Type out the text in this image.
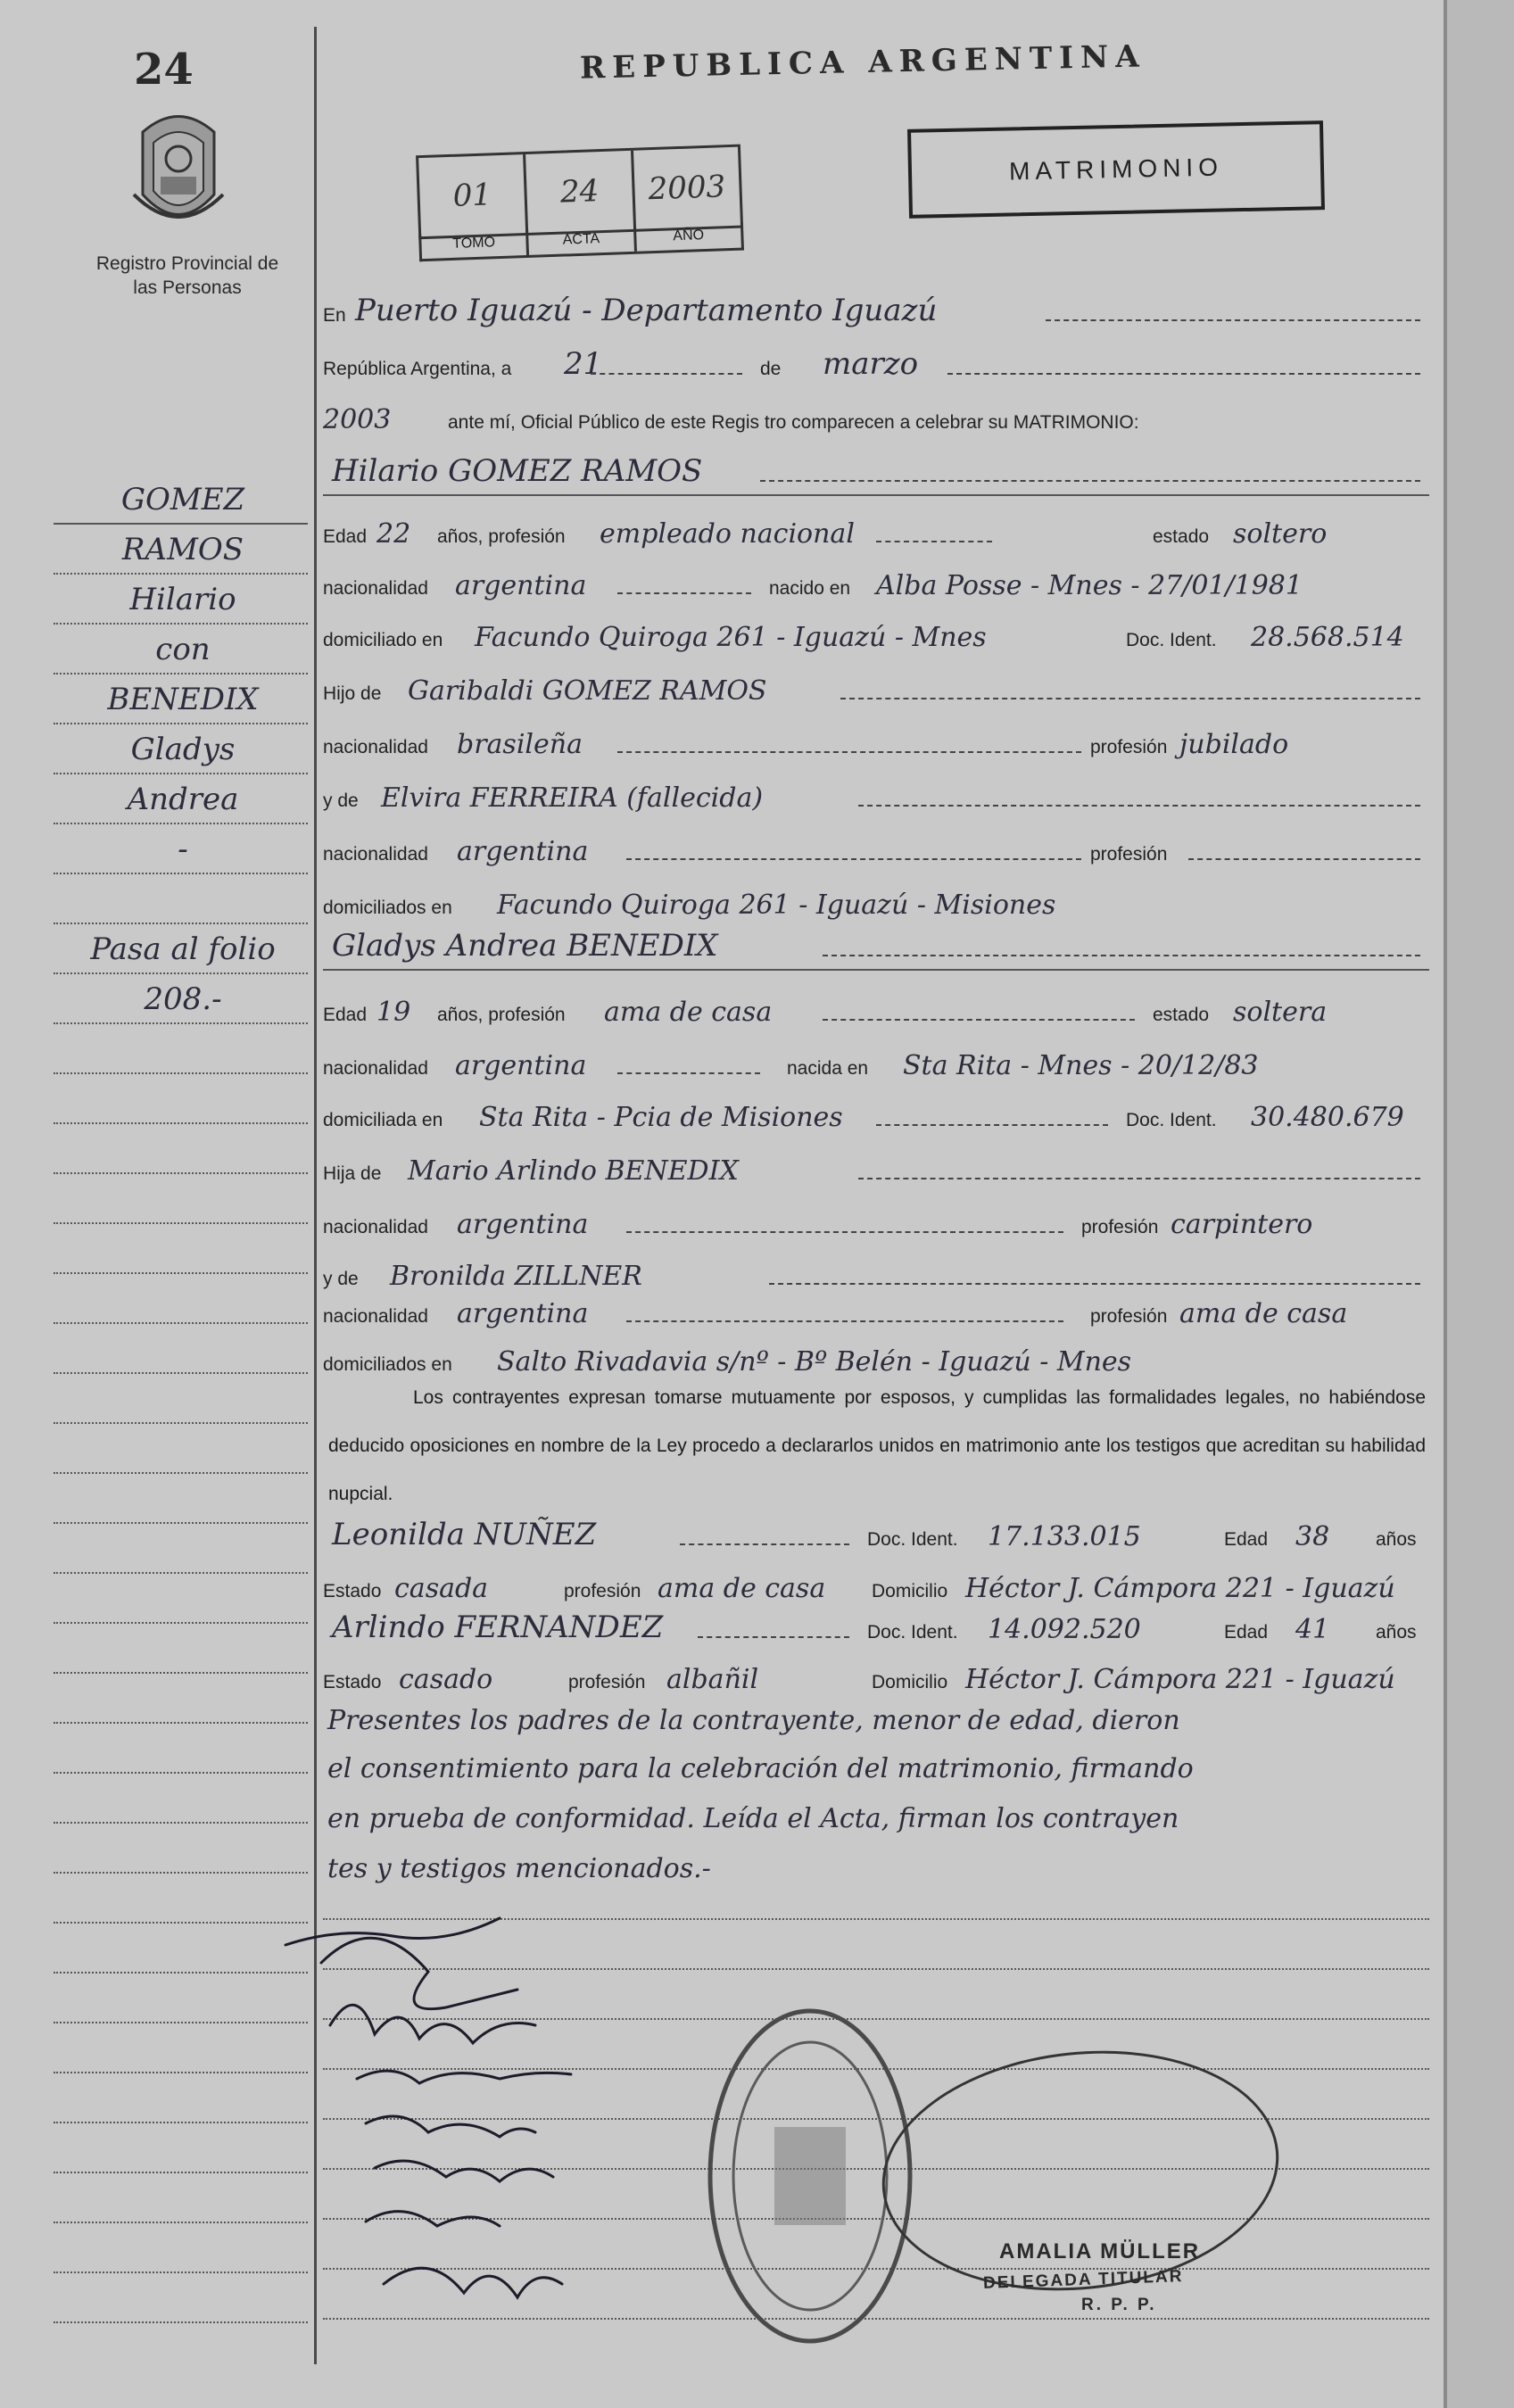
24
Registro Provincial de las Personas
REPUBLICA ARGENTINA
01	24	2003
TOMO	ACTA	AÑO
MATRIMONIO
En Puerto Iguazú - Departamento Iguazú
República Argentina, a 21	de marzo
2003	ante mí, Oficial Público de este Regis tro comparecen a celebrar su MATRIMONIO:
Hilario GOMEZ RAMOS
Edad 22 años, profesión empleado nacional	estado soltero
nacionalidad argentina	nacido en Alba Posse - Mnes - 27/01/1981
domiciliado en Facundo Quiroga 261 - Iguazú - Mnes	Doc. Ident. 28.568.514
Hijo de Garibaldi GOMEZ RAMOS
nacionalidad brasileña	profesión jubilado
y de Elvira FERREIRA (fallecida)
nacionalidad argentina	profesión
domiciliados en Facundo Quiroga 261 - Iguazú - Misiones
Gladys Andrea BENEDIX
Edad 19 años, profesión ama de casa	estado soltera
nacionalidad argentina	nacida en Sta Rita - Mnes - 20/12/83
domiciliada en Sta Rita - Pcia de Misiones	Doc. Ident. 30.480.679
Hija de Mario Arlindo BENEDIX
nacionalidad argentina	profesión carpintero
y de Bronilda ZILLNER
nacionalidad argentina	profesión ama de casa
domiciliados en Salto Rivadavia s/nº - Bº Belén - Iguazú - Mnes
Los contrayentes expresan tomarse mutuamente por esposos, y cumplidas las formalidades legales, no habiéndose deducido oposiciones en nombre de la Ley procedo a declararlos unidos en matrimonio ante los testigos que acreditan su habilidad nupcial.
Leonilda NUÑEZ	Doc. Ident. 17.133.015	Edad 38 años
Estado casada	profesión ama de casa Domicilio Héctor J. Cámpora 221 - Iguazú
Arlindo FERNANDEZ	Doc. Ident. 14.092.520	Edad 41 años
Estado casado	profesión albañil	Domicilio Héctor J. Cámpora 221 - Iguazú
Presentes los padres de la contrayente, menor de edad, dieron
el consentimiento para la celebración del matrimonio, firmando
en prueba de conformidad. Leída el Acta, firman los contrayen
tes y testigos mencionados.-
GOMEZ
RAMOS
Hilario
con
BENEDIX
Gladys
Andrea
-
Pasa al folio
208.-
AMALIA MÜLLER
DELEGADA TITULAR
R. P. P.
